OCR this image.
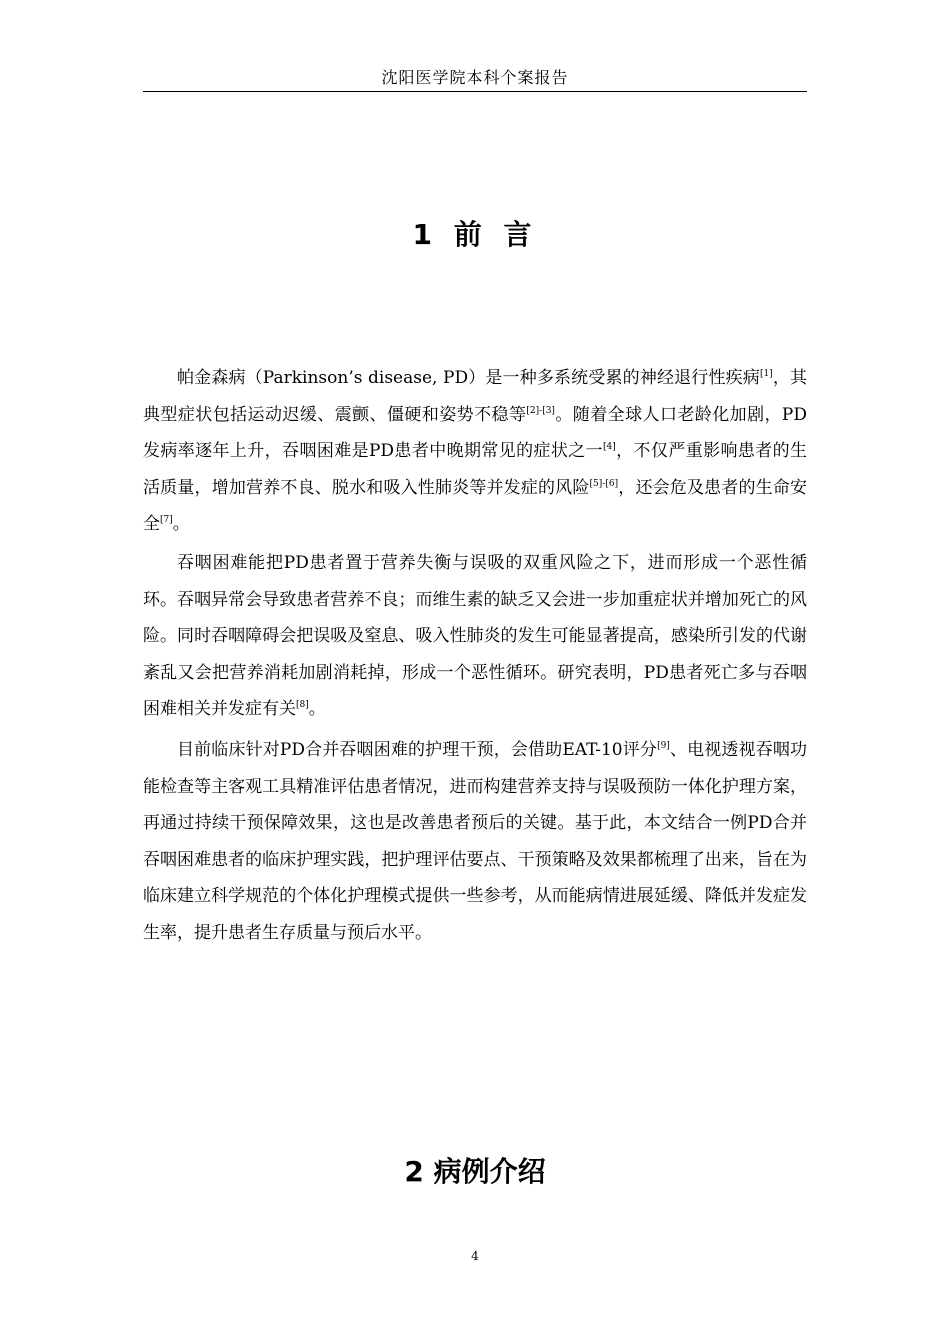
沈阳医学院本科个案报告
1 前 言

帕金森病（Parkinson’s disease, PD）是一种多系统受累的神经退行性疾病[1]，其典型症状包括运动迟缓、震颤、僵硬和姿势不稳等[2]-[3]。随着全球人口老龄化加剧，PD发病率逐年上升，吞咽困难是PD患者中晚期常见的症状之一[4]，不仅严重影响患者的生活质量，增加营养不良、脱水和吸入性肺炎等并发症的风险[5]-[6]，还会危及患者的生命安全[7]。

吞咽困难能把PD患者置于营养失衡与误吸的双重风险之下，进而形成一个恶性循环。吞咽异常会导致患者营养不良；而维生素的缺乏又会进一步加重症状并增加死亡的风险。同时吞咽障碍会把误吸及窒息、吸入性肺炎的发生可能显著提高，感染所引发的代谢紊乱又会把营养消耗加剧消耗掉，形成一个恶性循环。研究表明，PD患者死亡多与吞咽困难相关并发症有关[8]。

目前临床针对PD合并吞咽困难的护理干预，会借助EAT-10评分[9]、电视透视吞咽功能检查等主客观工具精准评估患者情况，进而构建营养支持与误吸预防一体化护理方案，再通过持续干预保障效果，这也是改善患者预后的关键。基于此，本文结合一例PD合并吞咽困难患者的临床护理实践，把护理评估要点、干预策略及效果都梳理了出来，旨在为临床建立科学规范的个体化护理模式提供一些参考，从而能病情进展延缓、降低并发症发生率，提升患者生存质量与预后水平。

2 病例介绍
4
